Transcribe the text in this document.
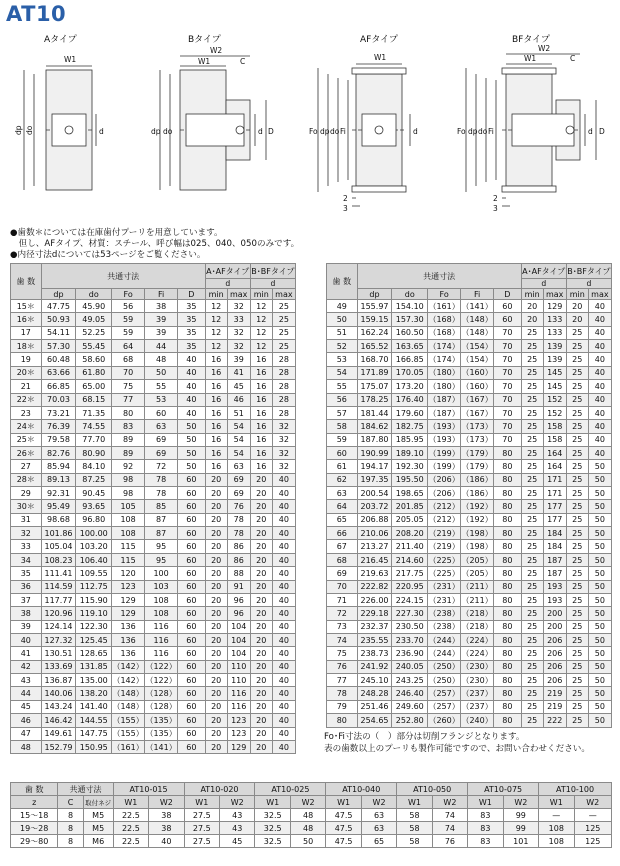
AT10
Aタイプ	Bタイプ	AFタイプ	BFタイプ
W1
dp do	d
W2
W1	C
dp do	d D
W1
Fo dp do Fi	d
2
3
W2
W1	C
Fo dp do Fi	d D
2
3
●歯数＊については在庫歯付プーリを用意しています。
　但し、AFタイプ、材質：スチール、呼び幅は025、040、050のみです。
●内径寸法dについては53ページをご覧ください。
歯 数	共通寸法					A･AFタイプ		B･BFタイプ	
						d		d	
	dp	do	Fo	Fi	D	min	max	min	max
15＊	47.75	45.90	56	38	35	12	32	12	25
16＊	50.93	49.05	59	39	35	12	33	12	25
17	54.11	52.25	59	39	35	12	32	12	25
18＊	57.30	55.45	64	44	35	12	32	12	25
19	60.48	58.60	68	48	40	16	39	16	28
20＊	63.66	61.80	70	50	40	16	41	16	28
21	66.85	65.00	75	55	40	16	45	16	28
22＊	70.03	68.15	77	53	40	16	46	16	28
23	73.21	71.35	80	60	40	16	51	16	28
24＊	76.39	74.55	83	63	50	16	54	16	32
25＊	79.58	77.70	89	69	50	16	54	16	32
26＊	82.76	80.90	89	69	50	16	54	16	32
27	85.94	84.10	92	72	50	16	63	16	32
28＊	89.13	87.25	98	78	60	20	69	20	40
29	92.31	90.45	98	78	60	20	69	20	40
30＊	95.49	93.65	105	85	60	20	76	20	40
31	98.68	96.80	108	87	60	20	78	20	40
32	101.86	100.00	108	87	60	20	78	20	40
33	105.04	103.20	115	95	60	20	86	20	40
34	108.23	106.40	115	95	60	20	86	20	40
35	111.41	109.55	120	100	60	20	88	20	40
36	114.59	112.75	123	103	60	20	91	20	40
37	117.77	115.90	129	108	60	20	96	20	40
38	120.96	119.10	129	108	60	20	96	20	40
39	124.14	122.30	136	116	60	20	104	20	40
40	127.32	125.45	136	116	60	20	104	20	40
41	130.51	128.65	136	116	60	20	104	20	40
42	133.69	131.85	（142）	（122）	60	20	110	20	40
43	136.87	135.00	（142）	（122）	60	20	110	20	40
44	140.06	138.20	（148）	（128）	60	20	116	20	40
45	143.24	141.40	（148）	（128）	60	20	116	20	40
46	146.42	144.55	（155）	（135）	60	20	123	20	40
47	149.61	147.75	（155）	（135）	60	20	123	20	40
48	152.79	150.95	（161）	（141）	60	20	129	20	40
歯 数	共通寸法					A･AFタイプ		B･BFタイプ	
						d		d	
	dp	do	Fo	Fi	D	min	max	min	max
49	155.97	154.10	（161）	（141）	60	20	129	20	40
50	159.15	157.30	（168）	（148）	60	20	133	20	40
51	162.24	160.50	（168）	（148）	70	25	133	25	40
52	165.52	163.65	（174）	（154）	70	25	139	25	40
53	168.70	166.85	（174）	（154）	70	25	139	25	40
54	171.89	170.05	（180）	（160）	70	25	145	25	40
55	175.07	173.20	（180）	（160）	70	25	145	25	40
56	178.25	176.40	（187）	（167）	70	25	152	25	40
57	181.44	179.60	（187）	（167）	70	25	152	25	40
58	184.62	182.75	（193）	（173）	70	25	158	25	40
59	187.80	185.95	（193）	（173）	70	25	158	25	40
60	190.99	189.10	（199）	（179）	80	25	164	25	40
61	194.17	192.30	（199）	（179）	80	25	164	25	50
62	197.35	195.50	（206）	（186）	80	25	171	25	50
63	200.54	198.65	（206）	（186）	80	25	171	25	50
64	203.72	201.85	（212）	（192）	80	25	177	25	50
65	206.88	205.05	（212）	（192）	80	25	177	25	50
66	210.06	208.20	（219）	（198）	80	25	184	25	50
67	213.27	211.40	（219）	（198）	80	25	184	25	50
68	216.45	214.60	（225）	（205）	80	25	187	25	50
69	219.63	217.75	（225）	（205）	80	25	187	25	50
70	222.82	220.95	（231）	（211）	80	25	193	25	50
71	226.00	224.15	（231）	（211）	80	25	193	25	50
72	229.18	227.30	（238）	（218）	80	25	200	25	50
73	232.37	230.50	（238）	（218）	80	25	200	25	50
74	235.55	233.70	（244）	（224）	80	25	206	25	50
75	238.73	236.90	（244）	（224）	80	25	206	25	50
76	241.92	240.05	（250）	（230）	80	25	206	25	50
77	245.10	243.25	（250）	（230）	80	25	206	25	50
78	248.28	246.40	（257）	（237）	80	25	219	25	50
79	251.46	249.60	（257）	（237）	80	25	219	25	50
80	254.65	252.80	（260）	（240）	80	25	222	25	50
Fo･Fi寸法の（　）部分は切削フランジとなります。
表の歯数以上のプーリも製作可能ですので、お問い合わせください。
歯 数	共通寸法		AT10-015		AT10-020		AT10-025		AT10-040		AT10-050		AT10-075		AT10-100	
z	C	取付ネジ	W1	W2	W1	W2	W1	W2	W1	W2	W1	W2	W1	W2	W1	W2
15～18	8	M5	22.5	38	27.5	43	32.5	48	47.5	63	58	74	83	99	—	—
19～28	8	M5	22.5	38	27.5	43	32.5	48	47.5	63	58	74	83	99	108	125
29～80	8	M6	22.5	40	27.5	45	32.5	50	47.5	65	58	76	83	101	108	125
